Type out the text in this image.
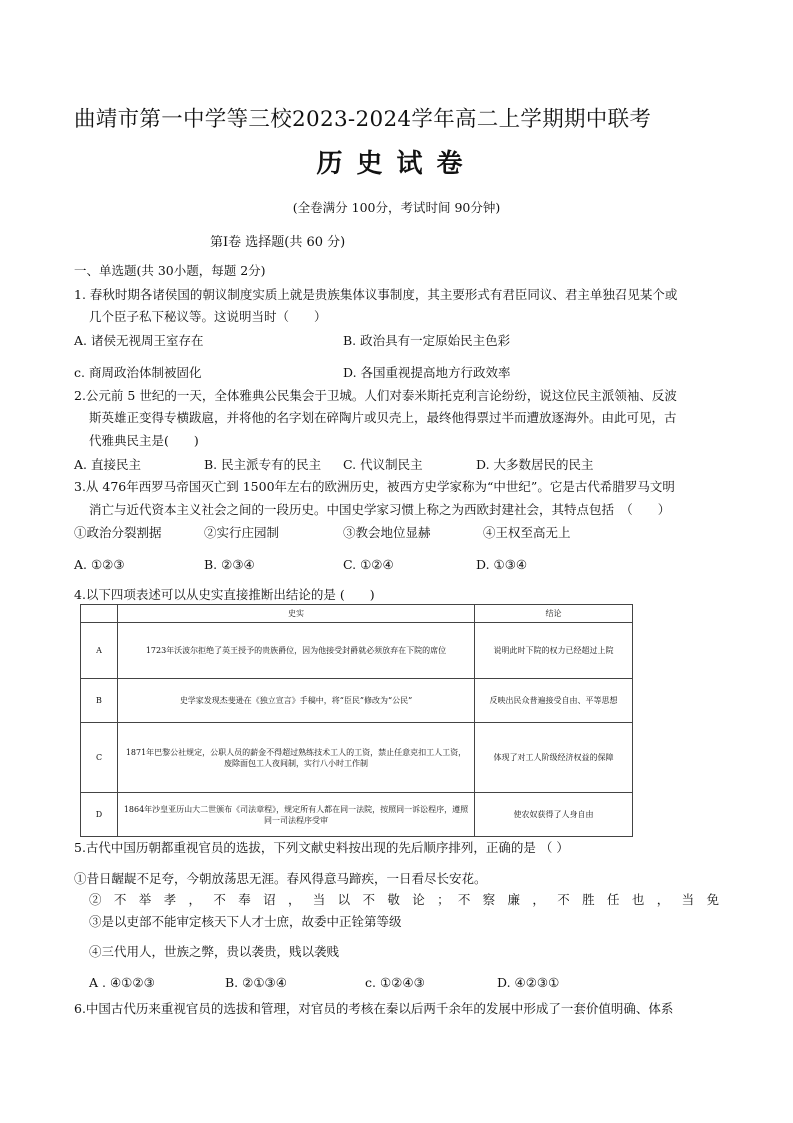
曲靖市第一中学等三校2023-2024学年高二上学期期中联考
历史试卷
(全卷满分 100分，考试时间 90分钟)
第Ⅰ卷 选择题(共 60 分)
一、单选题(共 30小题，每题 2分)
1. 春秋时期各诸侯国的朝议制度实质上就是贵族集体议事制度，其主要形式有君臣同议、君主单独召见某个或
几个臣子私下秘议等。这说明当时（　　）
A. 诸侯无视周王室存在	B. 政治具有一定原始民主色彩
c. 商周政治体制被固化	D. 各国重视提高地方行政效率
2.公元前 5 世纪的一天，全体雅典公民集会于卫城。人们对泰米斯托克利言论纷纷，说这位民主派领袖、反波
斯英雄正变得专横跋扈，并将他的名字划在碎陶片或贝壳上，最终他得票过半而遭放逐海外。由此可见，古
代雅典民主是(　　)
A. 直接民主	B. 民主派专有的民主 C. 代议制民主	D. 大多数居民的民主
3.从 476年西罗马帝国灭亡到 1500年左右的欧洲历史，被西方史学家称为“中世纪”。它是古代希腊罗马文明
消亡与近代资本主义社会之间的一段历史。中国史学家习惯上称之为西欧封建社会，其特点包括　（　　）
①政治分裂割据	②实行庄园制	③教会地位显赫	④王权至高无上
A. ①②③	B. ②③④	C. ①②④	D. ①③④
4.以下四项表述可以从史实直接推断出结论的是 (　　)
	史实	结论
A	1723年沃波尔拒绝了英王授予的贵族爵位，因为他接受封爵就必须放弃在下院的席位	说明此时下院的权力已经超过上院
B	史学家发现杰斐逊在《独立宣言》手稿中，将“臣民”修改为“公民”	反映出民众普遍接受自由、平等思想
C	1871年巴黎公社规定，公职人员的薪金不得超过熟练技术工人的工资，禁止任意克扣工人工资，废除面包工人夜间制，实行八小时工作制	体现了对工人阶级经济权益的保障
D	1864年沙皇亚历山大二世颁布《司法章程》，规定所有人都在同一法院，按照同一诉讼程序，遵照同一司法程序受审	使农奴获得了人身自由
5.古代中国历朝都重视官员的选拔，下列文献史料按出现的先后顺序排列，正确的是 （ ）
①昔日龌龊不足夸，今朝放荡思无涯。春风得意马蹄疾，一日看尽长安花。
② 不 举 孝 ， 不 奉 诏 ， 当 以 不 敬 论 ； 不 察 廉 ， 不 胜 任 也 ， 当 免
③是以吏部不能审定核天下人才士庶，故委中正铨第等级
④三代用人，世族之弊，贵以袭贵，贱以袭贱
A . ④①②③	B. ②①③④	c. ①②④③	D. ④②③①
6.中国古代历来重视官员的选拔和管理，对官员的考核在秦以后两千余年的发展中形成了一套价值明确、体系
